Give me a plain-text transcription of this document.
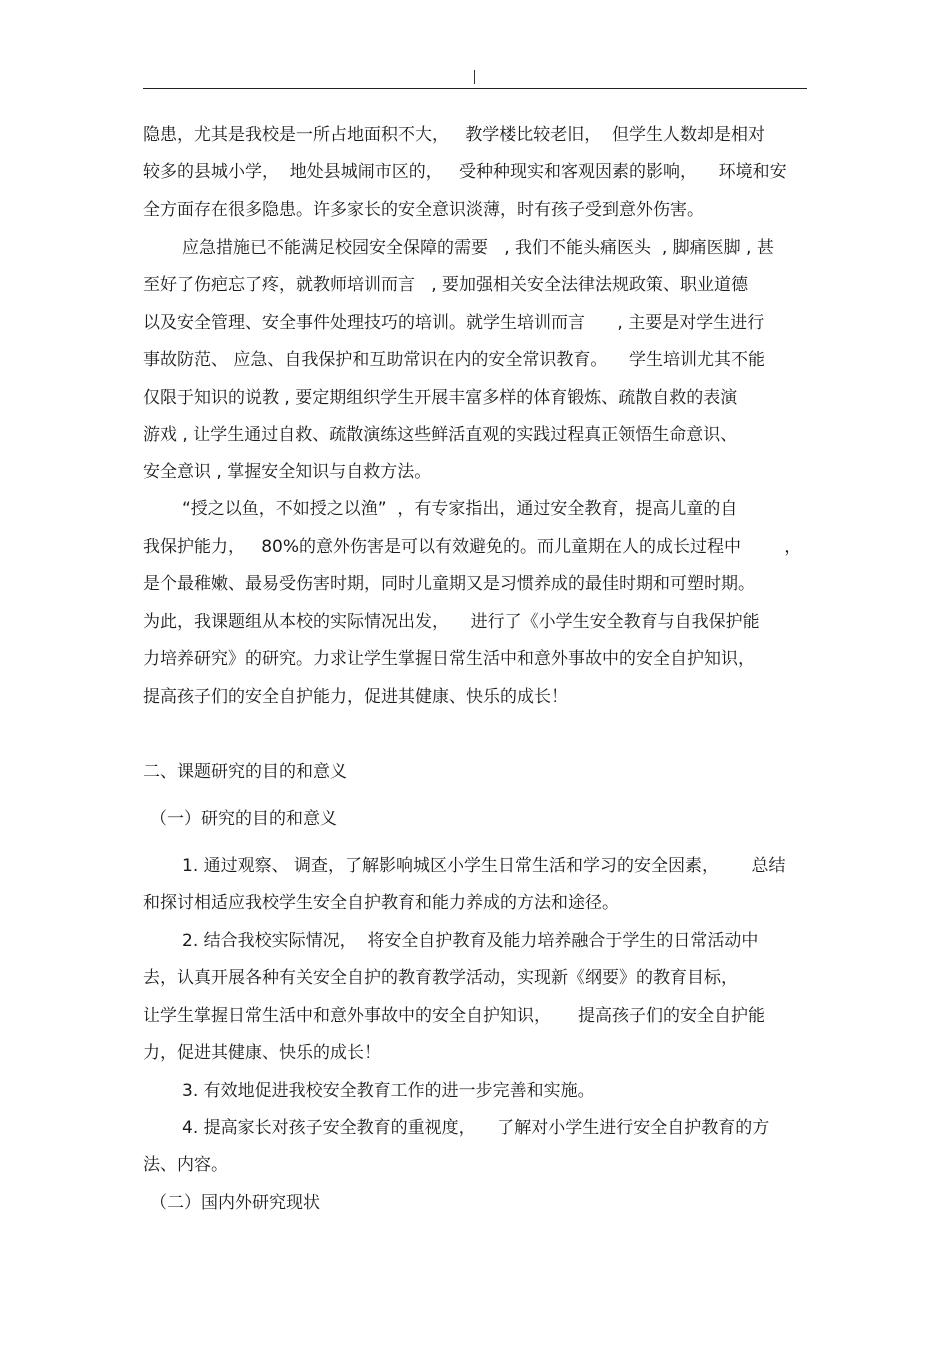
隐患，尤其是我校是一所占地面积不大，   教学楼比较老旧，  但学生人数却是相对
较多的县城小学，  地处县城闹市区的，   受种种现实和客观因素的影响，    环境和安
全方面存在很多隐患。许多家长的安全意识淡薄，时有孩子受到意外伤害。
应急措施已不能满足校园安全保障的需要   , 我们不能头痛医头  , 脚痛医脚 , 甚
至好了伤疤忘了疼，就教师培训而言   , 要加强相关安全法律法规政策、职业道德
以及安全管理、安全事件处理技巧的培训。就学生培训而言      , 主要是对学生进行
事故防范、 应急、自我保护和互助常识在内的安全常识教育。    学生培训尤其不能
仅限于知识的说教 , 要定期组织学生开展丰富多样的体育锻炼、疏散自救的表演
游戏 , 让学生通过自救、疏散演练这些鲜活直观的实践过程真正领悟生命意识、
安全意识 , 掌握安全知识与自救方法。
“授之以鱼，不如授之以渔”  ，有专家指出，通过安全教育，提高儿童的自
我保护能力，   80%的意外伤害是可以有效避免的。而儿童期在人的成长过程中        ，
是个最稚嫩、最易受伤害时期，同时儿童期又是习惯养成的最佳时期和可塑时期。
为此，我课题组从本校的实际情况出发，    进行了《小学生安全教育与自我保护能
力培养研究》的研究。力求让学生掌握日常生活中和意外事故中的安全自护知识，
提高孩子们的安全自护能力，促进其健康、快乐的成长！
二、课题研究的目的和意义
（一）研究的目的和意义
1. 通过观察、 调查，了解影响城区小学生日常生活和学习的安全因素，      总结
和探讨相适应我校学生安全自护教育和能力养成的方法和途径。
2. 结合我校实际情况，  将安全自护教育及能力培养融合于学生的日常活动中
去，认真开展各种有关安全自护的教育教学活动，实现新《纲要》的教育目标，
让学生掌握日常生活中和意外事故中的安全自护知识，     提高孩子们的安全自护能
力，促进其健康、快乐的成长！
3. 有效地促进我校安全教育工作的进一步完善和实施。
4. 提高家长对孩子安全教育的重视度，    了解对小学生进行安全自护教育的方
法、内容。
（二）国内外研究现状
